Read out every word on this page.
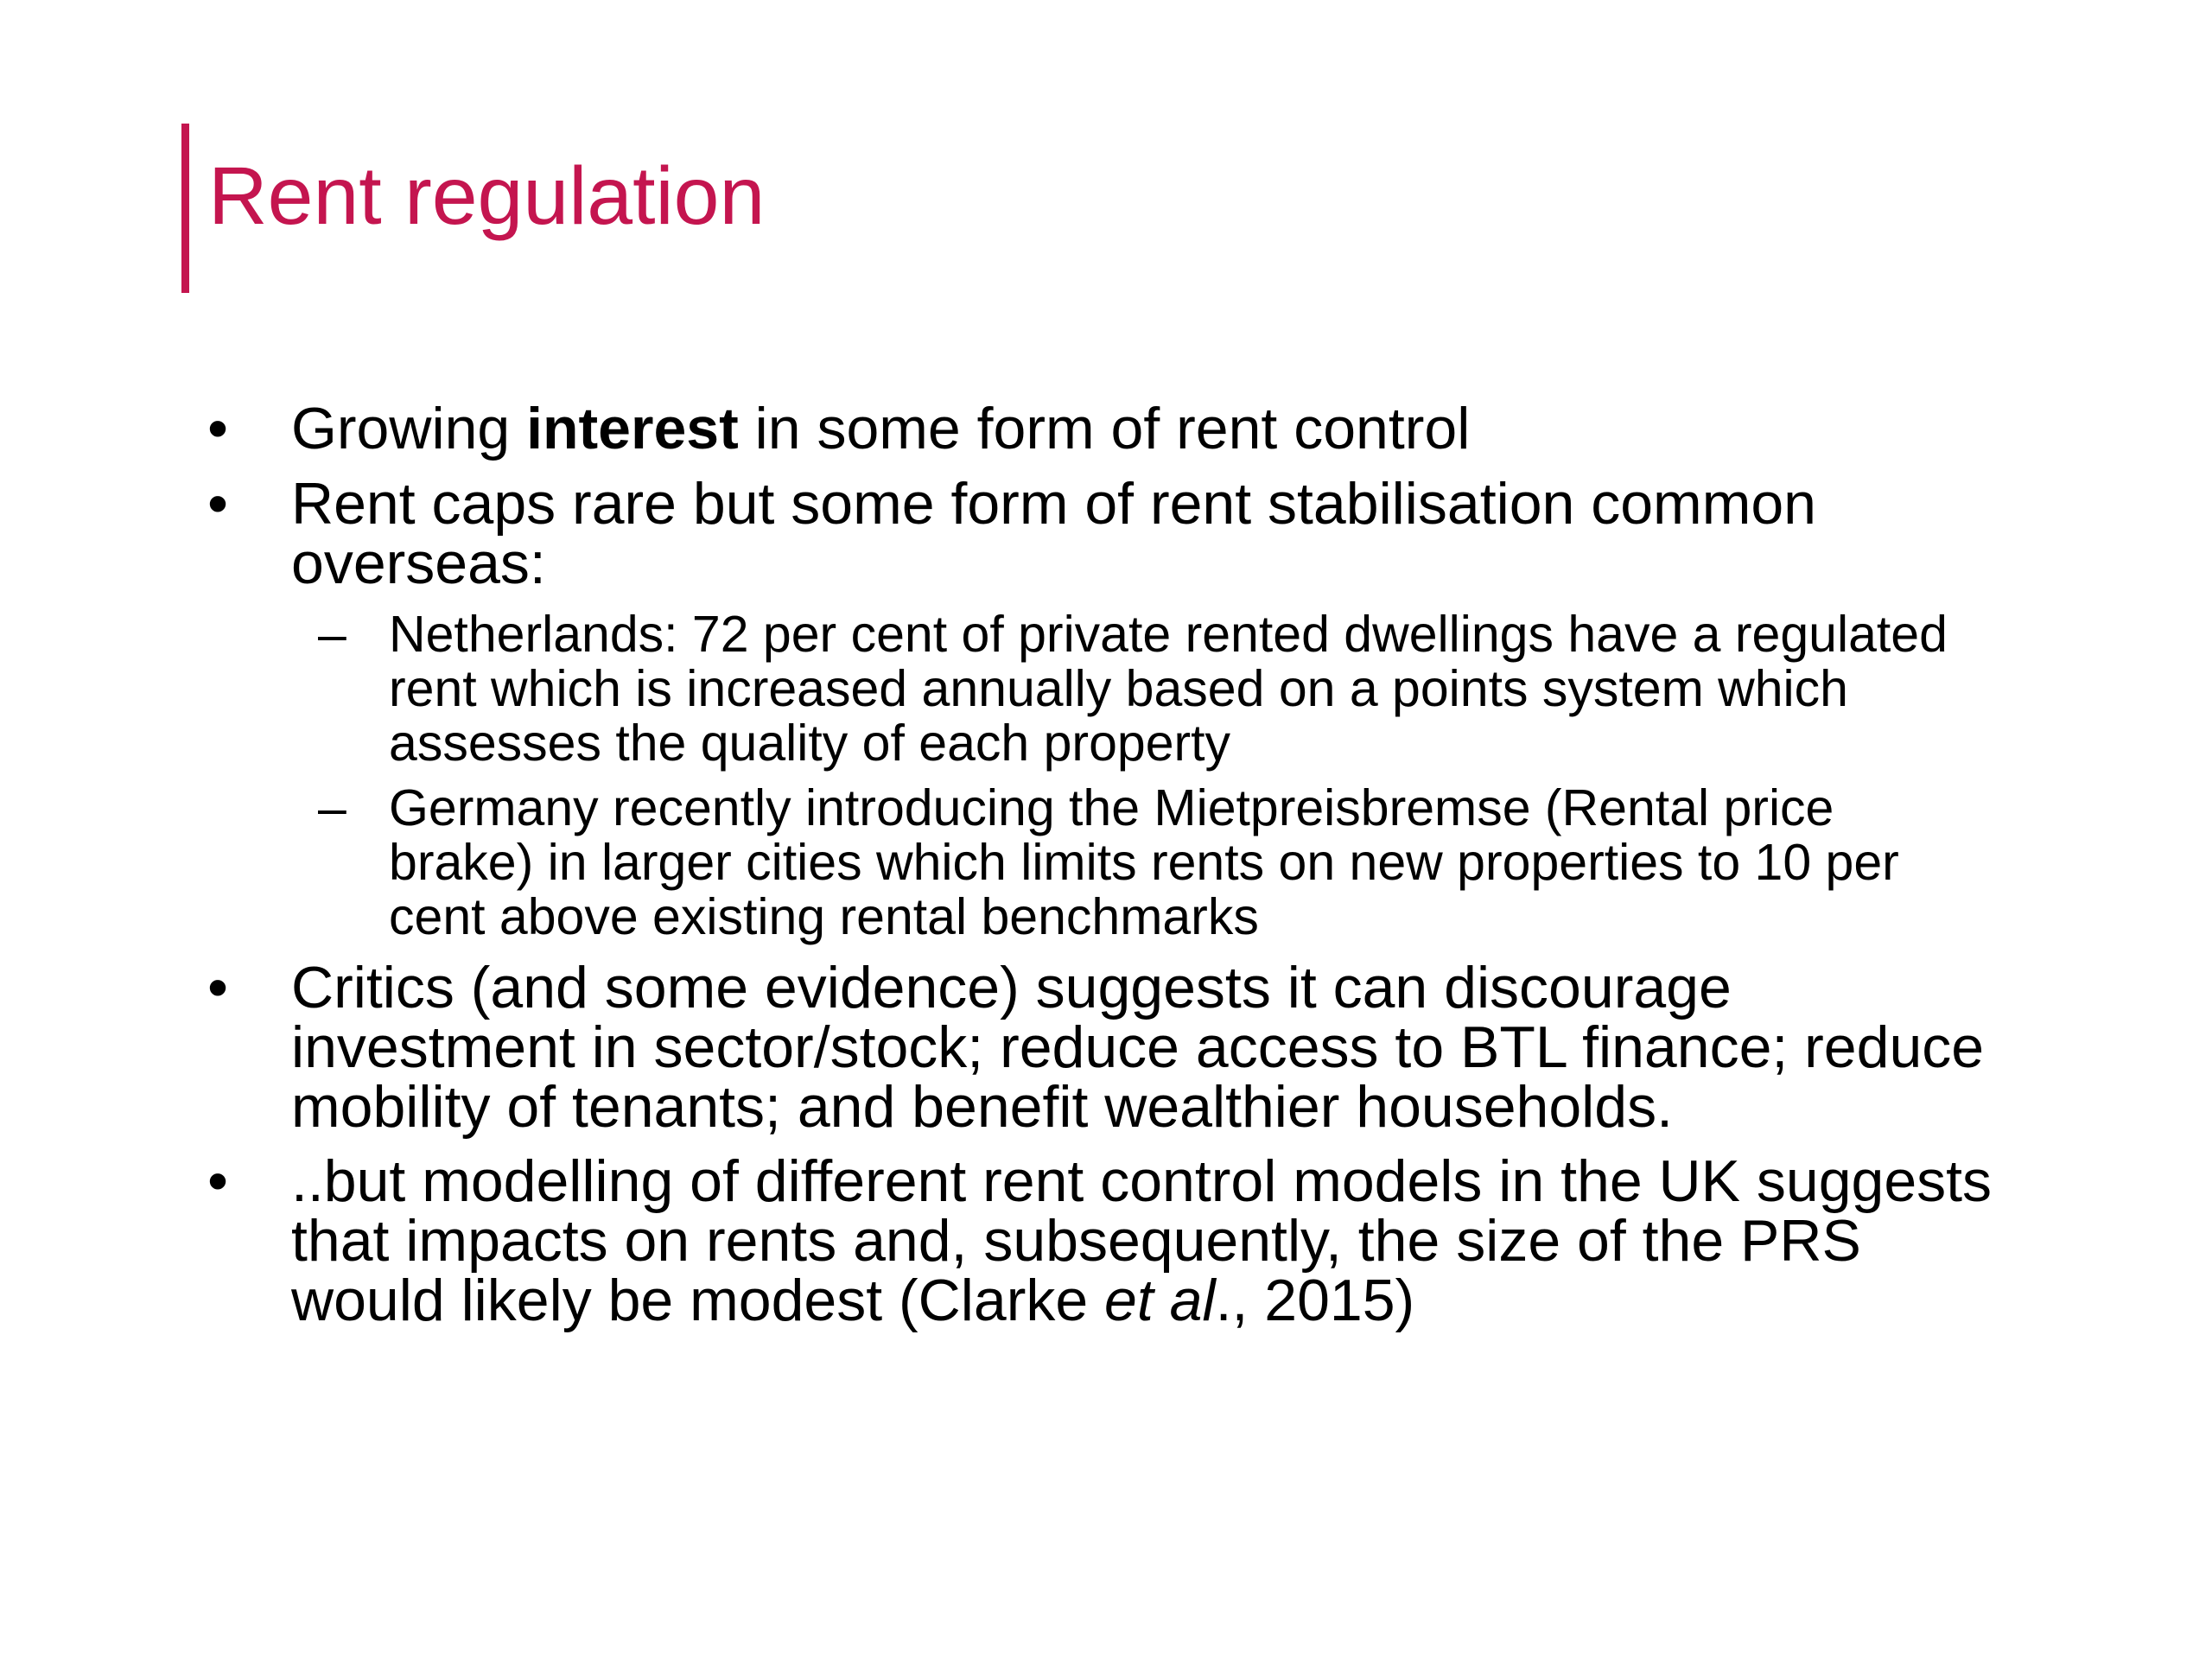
Rent regulation
• Growing interest in some form of rent control
• Rent caps rare but some form of rent stabilisation common
overseas:
– Netherlands: 72 per cent of private rented dwellings have a regulated
rent which is increased annually based on a points system which
assesses the quality of each property
– Germany recently introducing the Mietpreisbremse (Rental price
brake) in larger cities which limits rents on new properties to 10 per
cent above existing rental benchmarks
• Critics (and some evidence) suggests it can discourage
investment in sector/stock; reduce access to BTL finance; reduce
mobility of tenants; and benefit wealthier households.
• ..but modelling of different rent control models in the UK suggests
that impacts on rents and, subsequently, the size of the PRS
would likely be modest (Clarke et al., 2015)
